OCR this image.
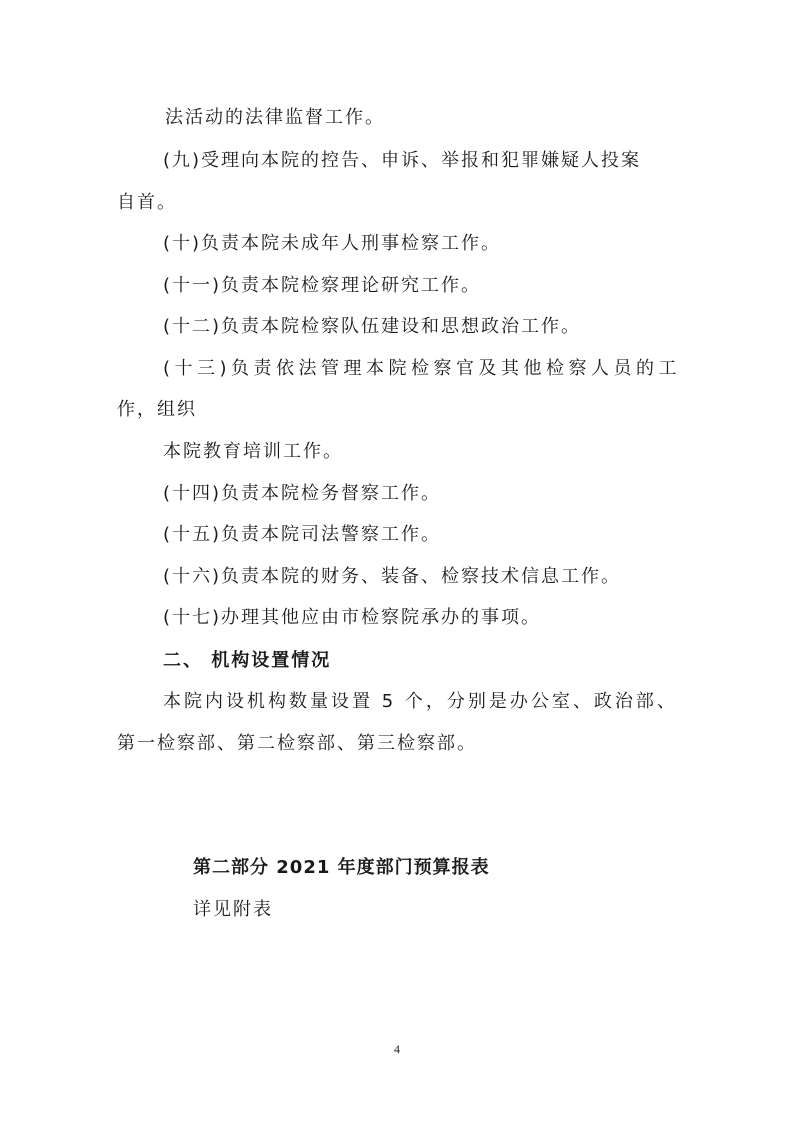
法活动的法律监督工作。
(九)受理向本院的控告、申诉、举报和犯罪嫌疑人投案
自首。
(十)负责本院未成年人刑事检察工作。
(十一)负责本院检察理论研究工作。
(十二)负责本院检察队伍建设和思想政治工作。
(十三)负责依法管理本院检察官及其他检察人员的工
作，组织
本院教育培训工作。
(十四)负责本院检务督察工作。
(十五)负责本院司法警察工作。
(十六)负责本院的财务、装备、检察技术信息工作。
(十七)办理其他应由市检察院承办的事项。
二、 机构设置情况
本院内设机构数量设置 5 个，分别是办公室、政治部、
第一检察部、第二检察部、第三检察部。
第二部分 2021 年度部门预算报表
详见附表
4
